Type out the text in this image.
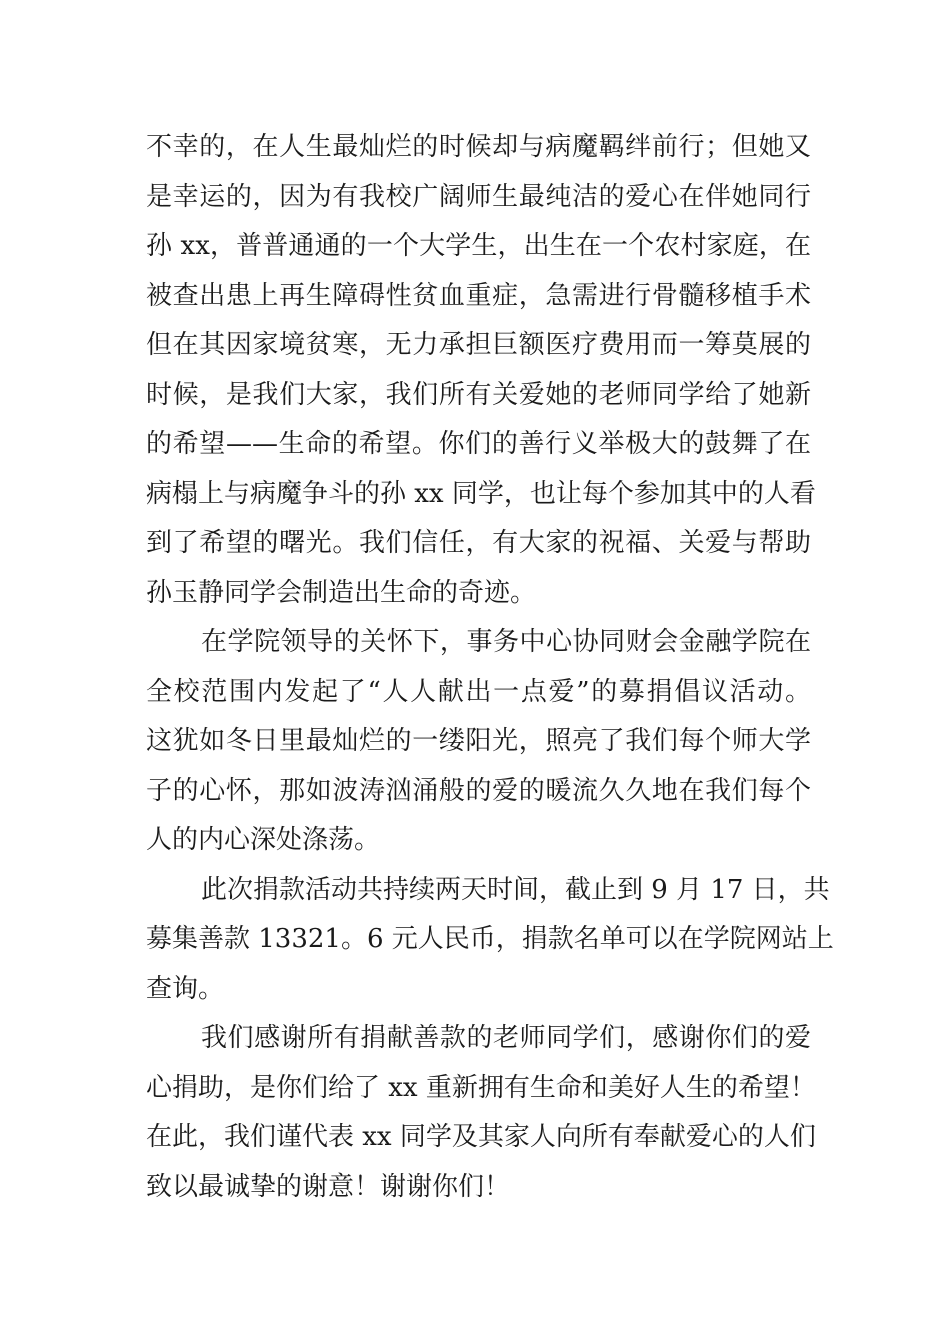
不幸的，在人生最灿烂的时候却与病魔羁绊前行；但她又
是幸运的，因为有我校广阔师生最纯洁的爱心在伴她同行
孙 xx，普普通通的一个大学生，出生在一个农村家庭，在
被查出患上再生障碍性贫血重症，急需进行骨髓移植手术
但在其因家境贫寒，无力承担巨额医疗费用而一筹莫展的
时候，是我们大家，我们所有关爱她的老师同学给了她新
的希望——生命的希望。你们的善行义举极大的鼓舞了在
病榻上与病魔争斗的孙 xx 同学，也让每个参加其中的人看
到了希望的曙光。我们信任，有大家的祝福、关爱与帮助
孙玉静同学会制造出生命的奇迹。
在学院领导的关怀下，事务中心协同财会金融学院在
全校范围内发起了“人人献出一点爱”的募捐倡议活动。
这犹如冬日里最灿烂的一缕阳光，照亮了我们每个师大学
子的心怀，那如波涛汹涌般的爱的暖流久久地在我们每个
人的内心深处涤荡。
此次捐款活动共持续两天时间，截止到 9 月 17 日，共
募集善款 13321。6 元人民币，捐款名单可以在学院网站上
查询。
我们感谢所有捐献善款的老师同学们，感谢你们的爱
心捐助，是你们给了 xx 重新拥有生命和美好人生的希望！
在此，我们谨代表 xx 同学及其家人向所有奉献爱心的人们
致以最诚挚的谢意！谢谢你们！
